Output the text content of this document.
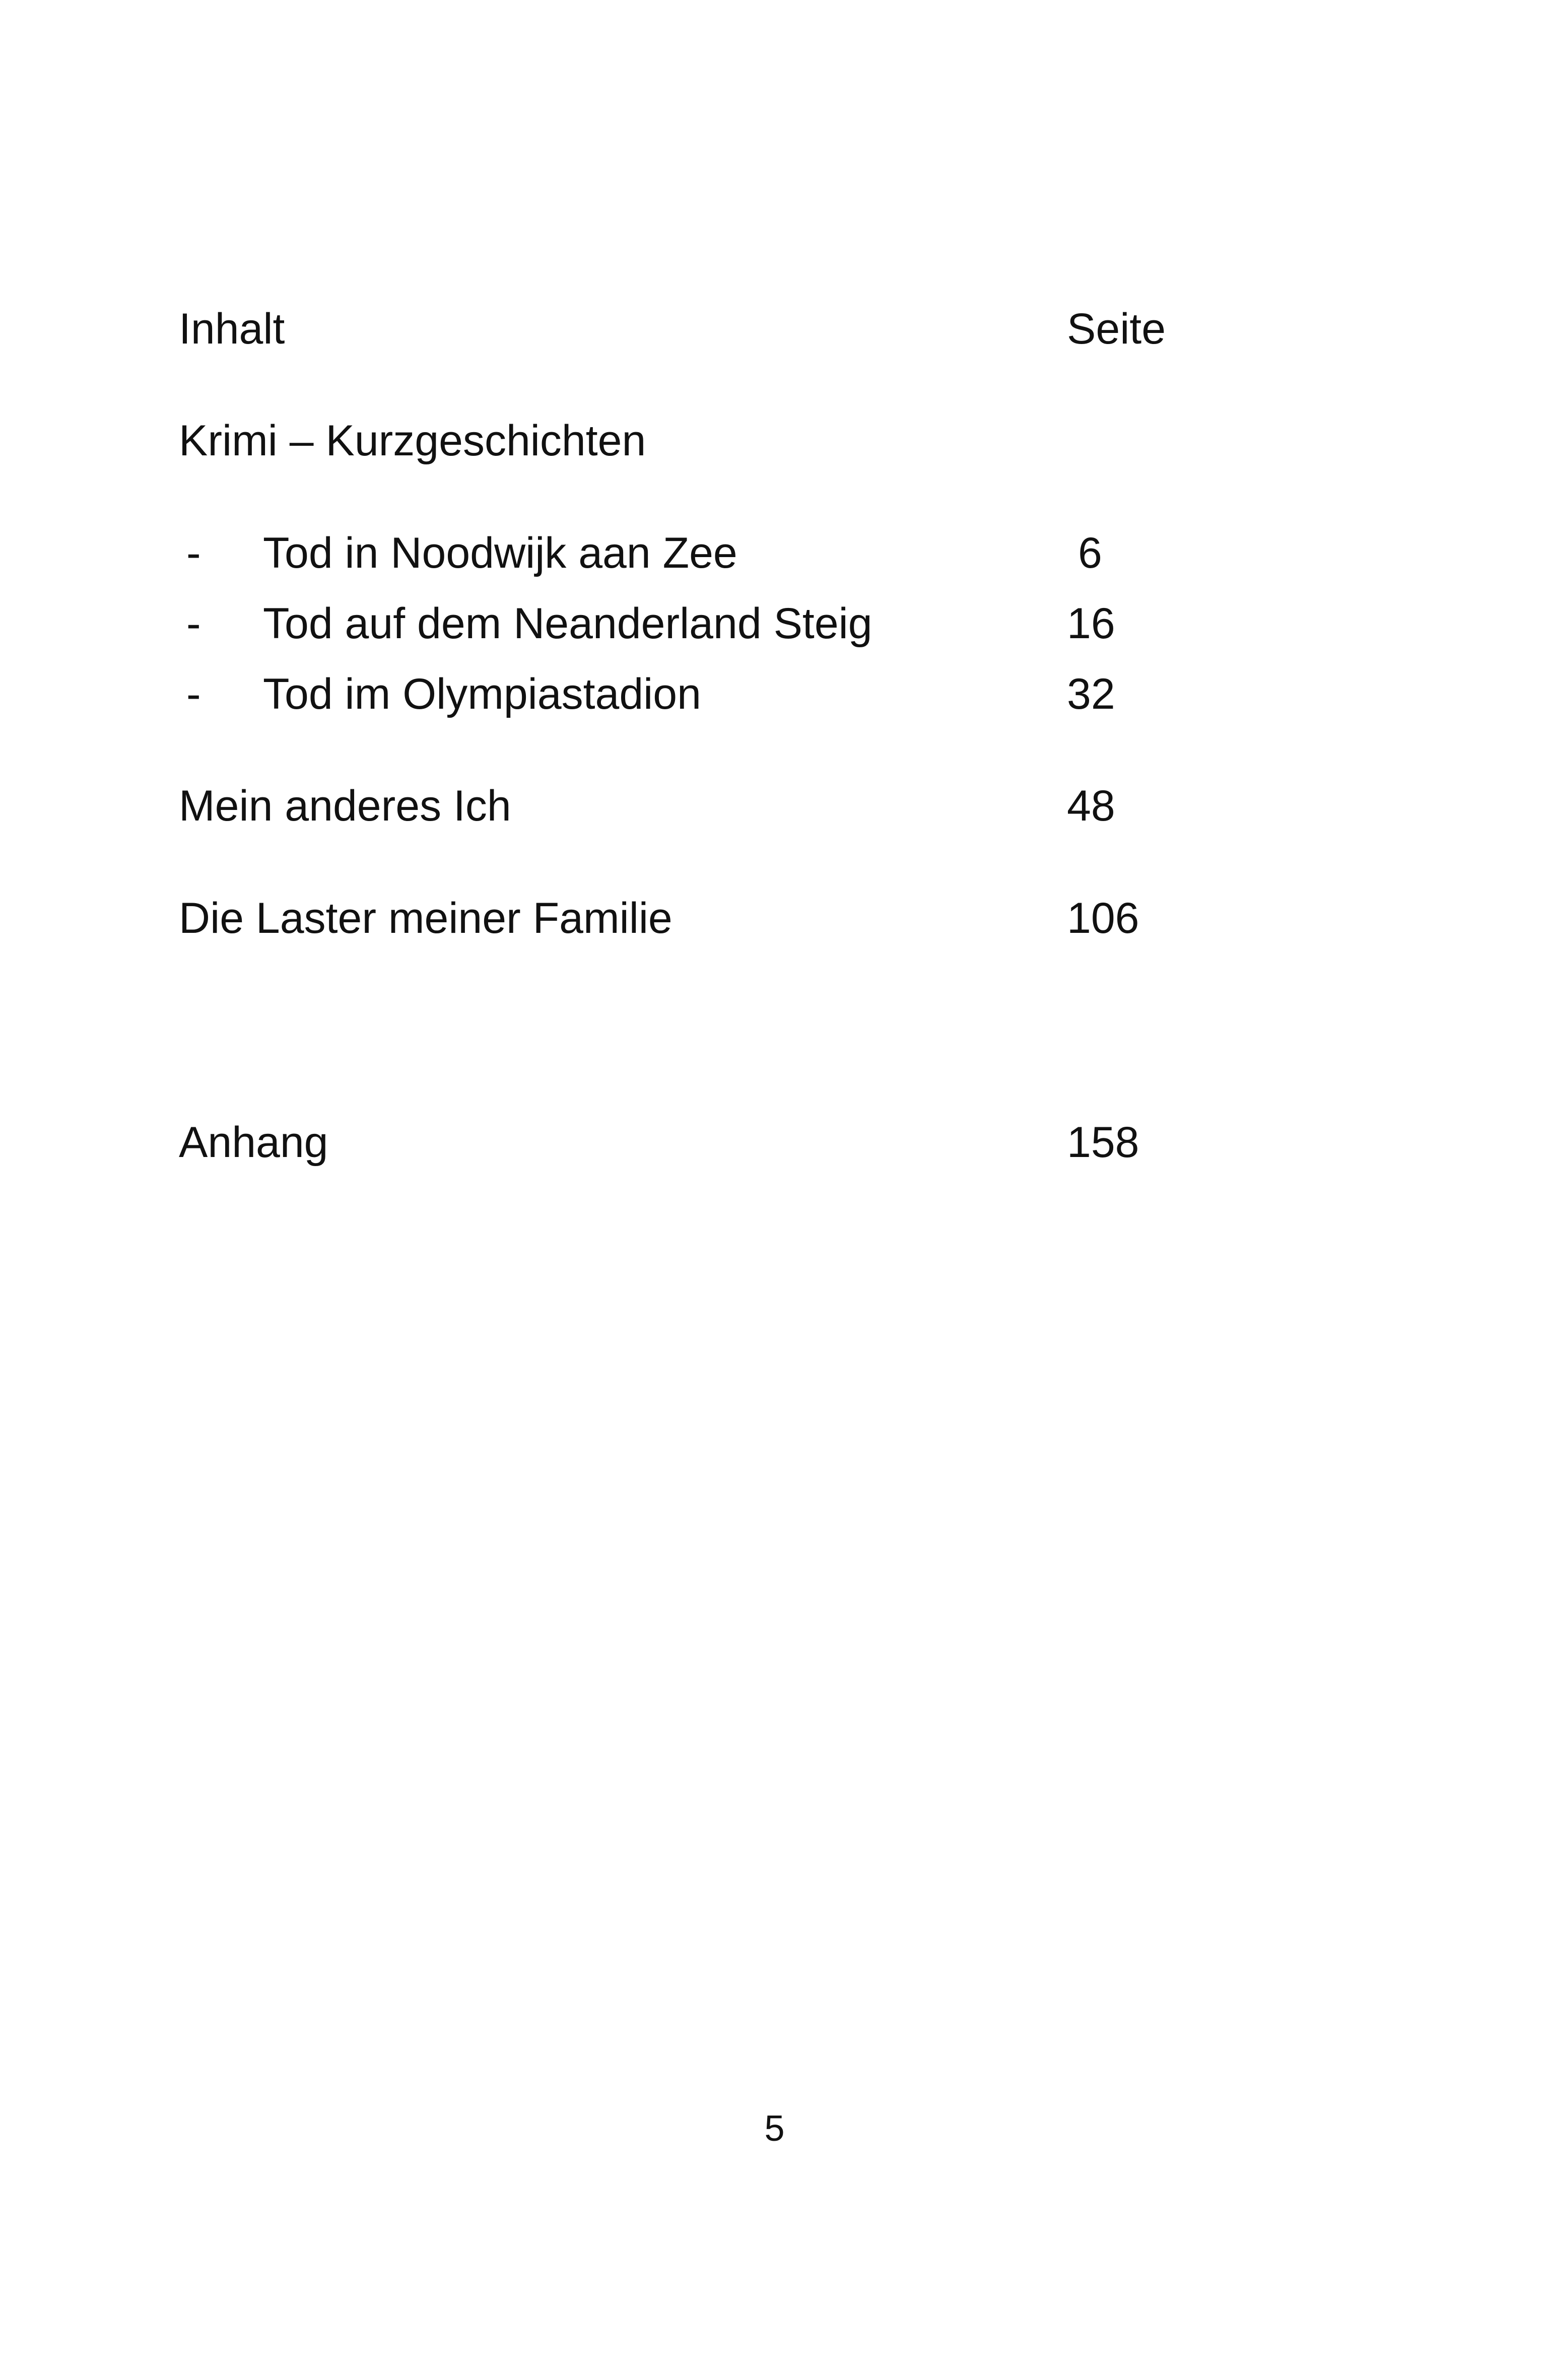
Inhalt	Seite
Krimi – Kurzgeschichten
- Tod in Noodwijk aan Zee	6
- Tod auf dem Neanderland Steig	16
- Tod im Olympiastadion	32
Mein anderes Ich	48
Die Laster meiner Familie	106
Anhang	158
5
